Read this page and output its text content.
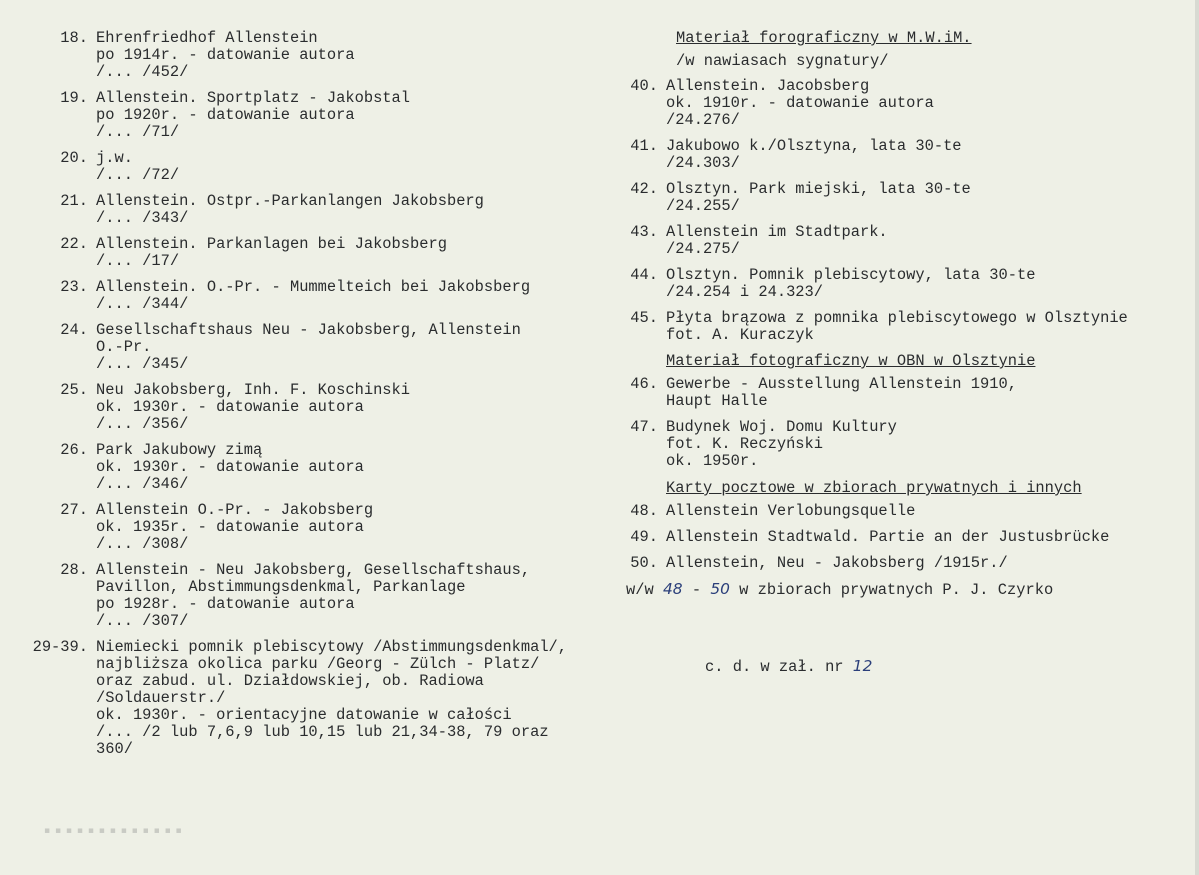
18. Ehrenfriedhof Allenstein
po 1914r. - datowanie autora
/... /452/
19. Allenstein. Sportplatz - Jakobstal
po 1920r. - datowanie autora
/... /71/
20. j.w.
/... /72/
21. Allenstein. Ostpr.-Parkanlangen Jakobsberg
/... /343/
22. Allenstein. Parkanlagen bei Jakobsberg
/... /17/
23. Allenstein. O.-Pr. - Mummelteich bei Jakobsberg
/... /344/
24. Gesellschaftshaus Neu - Jakobsberg, Allenstein
O.-Pr.
/... /345/
25. Neu Jakobsberg, Inh. F. Koschinski
ok. 1930r. - datowanie autora
/... /356/
26. Park Jakubowy zimą
ok. 1930r. - datowanie autora
/... /346/
27. Allenstein O.-Pr. - Jakobsberg
ok. 1935r. - datowanie autora
/... /308/
28. Allenstein - Neu Jakobsberg, Gesellschaftshaus,
Pavillon, Abstimmungsdenkmal, Parkanlage
po 1928r. - datowanie autora
/... /307/
29-39. Niemiecki pomnik plebiscytowy /Abstimmungsdenkmal/,
najbliższa okolica parku /Georg - Zülch - Platz/
oraz zabud. ul. Działdowskiej, ob. Radiowa
/Soldauerstr./
ok. 1930r. - orientacyjne datowanie w całości
/... /2 lub 7,6,9 lub 10,15 lub 21,34-38, 79 oraz
360/
Materiał forograficzny w M.W.iM.
/w nawiasach sygnatury/
40. Allenstein. Jacobsberg
ok. 1910r. - datowanie autora
/24.276/
41. Jakubowo k./Olsztyna, lata 30-te
/24.303/
42. Olsztyn. Park miejski, lata 30-te
/24.255/
43. Allenstein im Stadtpark.
/24.275/
44. Olsztyn. Pomnik plebiscytowy, lata 30-te
/24.254 i 24.323/
45. Płyta brązowa z pomnika plebiscytowego w Olsztynie
fot. A. Kuraczyk
Materiał fotograficzny w OBN w Olsztynie
46. Gewerbe - Ausstellung Allenstein 1910,
Haupt Halle
47. Budynek Woj. Domu Kultury
fot. K. Reczyński
ok. 1950r.
Karty pocztowe w zbiorach prywatnych i innych
48. Allenstein Verlobungsquelle
49. Allenstein Stadtwald. Partie an der Justusbrücke
50. Allenstein, Neu - Jakobsberg /1915r./
w/w 48 - 50 w zbiorach prywatnych P. J. Czyrko
c. d. w zał. nr 12
▪ ▪ ▪ ▪ ▪ ▪ ▪ ▪ ▪ ▪ ▪ ▪ ▪
